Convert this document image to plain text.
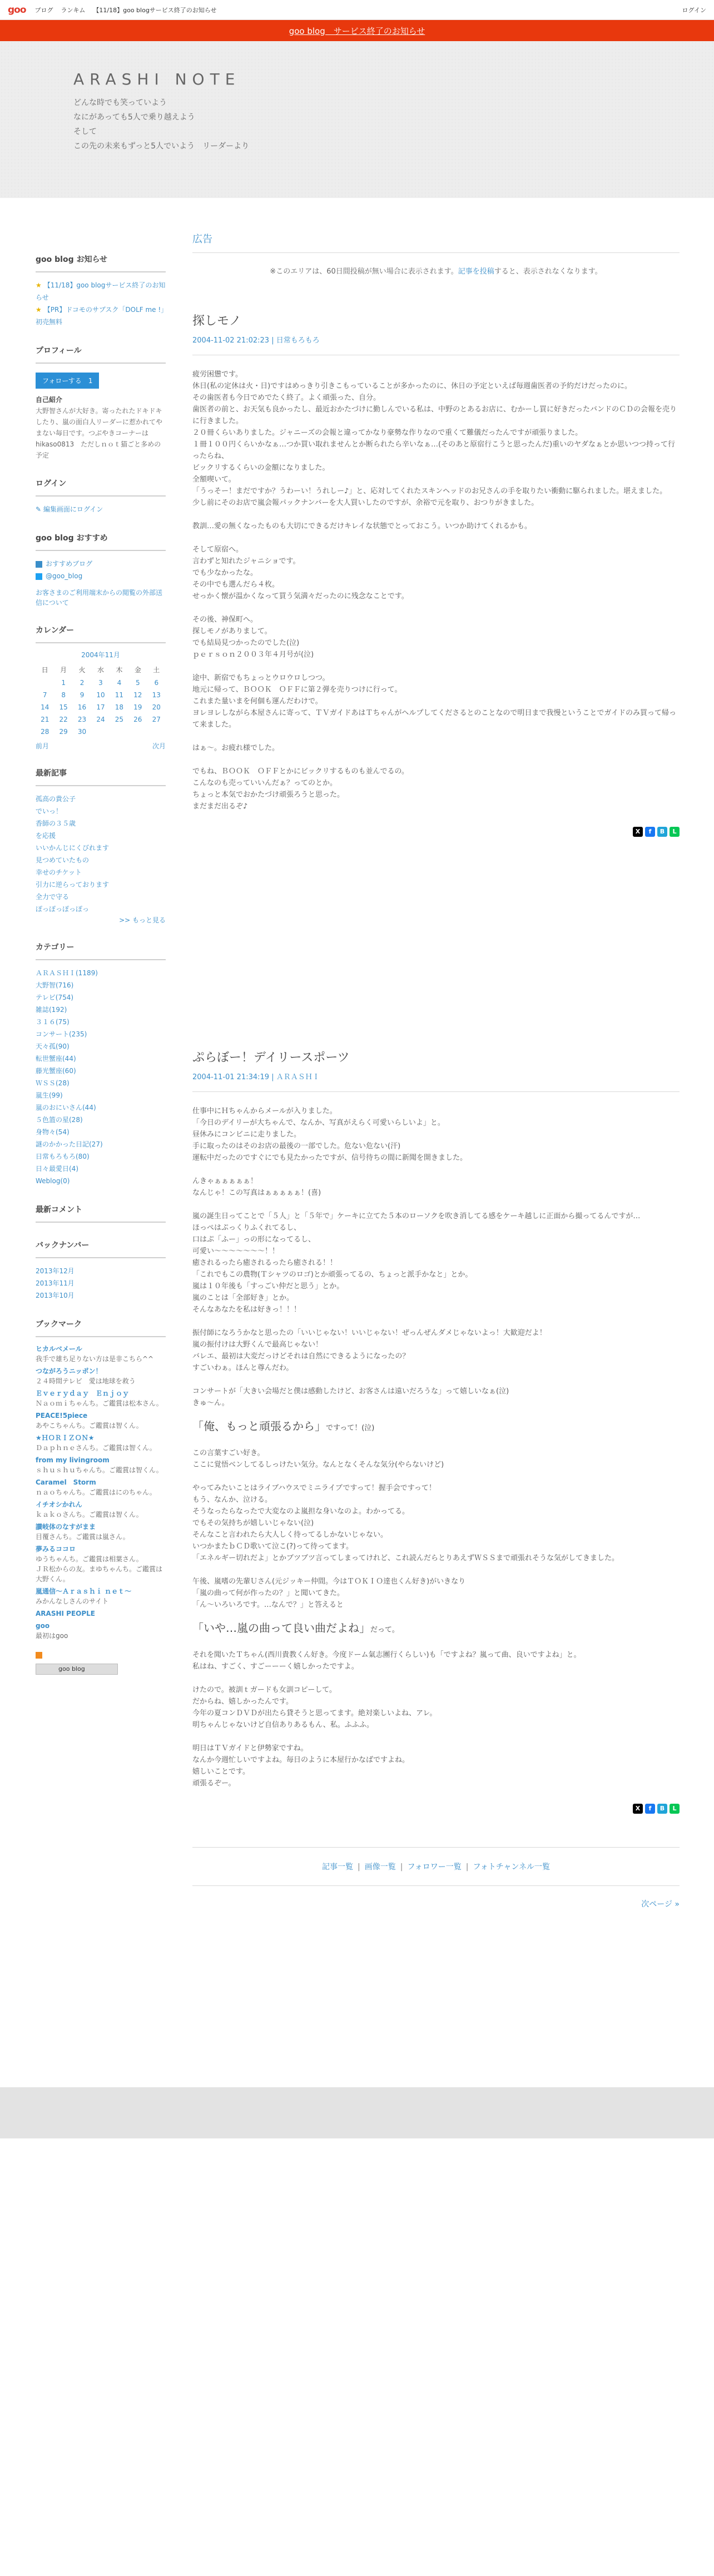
goo ブログ ランキム 【11/18】goo blogサービス終了のお知らせ	ログイン
goo blog　サービス終了のお知らせ
ARASHI NOTE
どんな時でも笑っていよう
なにがあっても5人で乗り越えよう
そして
この先の未来もずっと5人でいよう　リーダーより
goo blog お知らせ
★ 【11/18】goo blogサービス終了のお知らせ
★ 【PR】ドコモのサブスク「DOLF me !」初売無料
プロフィール
フォローする　 1
自己紹介
大野智さんが大好き。寄ったれたドキドキしたり、嵐の面白人リーダーに惹かれてやまない毎日です。つぶやきコーナーは hikaso0813　ただしｎｏｔ猫ごと多めの予定
ログイン
✎ 編集画面にログイン
goo blog おすすめ
おすすめブログ
@goo_blog
お客さまのご利用端末からの閲覧の外部送信について
カレンダー
2004年11月
日	月	火	水	木	金	土
	1	2	3	4	5	6
7	8	9	10	11	12	13
14	15	16	17	18	19	20
21	22	23	24	25	26	27
28	29	30				
前月	次月
最新記事
孤高の貴公子
でいっ！
香師の３５歳
を応援
いいかんじにくびれます
見つめていたもの
幸せのチケット
引力に逆らっております
全力で守る
ぽっぽっぽっぽっ
>> もっと見る
カテゴリー
ＡＲＡＳＨＩ(1189)
大野智(716)
テレビ(754)
雑誌(192)
３１６(75)
コンサート(235)
天々孤(90)
転世蟹座(44)
藤光蟹座(60)
ＷＳＳ(28)
嵐生(99)
嵐のおにいさん(44)
５色篮の星(28)
身物々(54)
謎のかかった日記(27)
日常もろもろ(80)
日々最愛日(4)
Weblog(0)
最新コメント
バックナンバー
2013年12月
2013年11月
2013年10月
ブックマーク
ヒカルベメール
我手で雄ち足りない方は是非こちら^^
つながろうニッポン！
２４時間テレビ　愛は地球を救う
Ｅｖｅｒｙｄａｙ　Ｅｎｊｏｙ
Ｎａｏｍｉちゃんち。ご鑑賞は松本さん。
PEACE!5piece
あやこちゃんち。ご鑑賞は智くん。
★ＨＯＲＩＺＯＮ★
Ｄａｐｈｎｅさんち。ご鑑賞は智くん。
from my livingroom
ｓｈｕｓｈｕちゃんち。ご鑑賞は智くん。
Caramel　Storm
ｎａｏちゃんち。ご鑑賞はにのちゃん。
イチオシかれん
ｋａｋｏさんち。ご鑑賞は智くん。
讃岐体のなすがまま
目覆さんち。ご鑑賞は嵐さん。
夢みるココロ
ゆうちゃんち。ご鑑賞は相葉さん。
ＪＲ松からの友。まゆちゃんち。ご鑑賞は大野くん。
嵐通信〜Ａｒａｓｈｉ ｎｅｔ〜
みかんなしさんのサイト
ARASHI PEOPLE
goo
最初はgoo
goo blog
広告
※このエリアは、60日間投稿が無い場合に表示されます。記事を投稿すると、表示されなくなります。
探しモノ
2004-11-02 21:02:23 | 日常もろもろ

疲労困憊です。
休日(私の定休は火・日)ですはめっきり引きこもっていることが多かったのに、休日の予定といえば毎週歯医者の予約だけだったのに。
その歯医者も今日でめでたく終了。よく頑張った、自分。
歯医者の前と、お天気も良かったし、最近おかたづけに勤しんでいる私は、中野のとあるお店に、むかーし買に好きだったバンドのＣＤの会報を売りに行きました。
２０冊くらいありました。ジャニーズの会報と違ってかなり豪勢な作りなので重くて難儀だったんですが頑張りました。
１冊１００円くらいかなぁ…つか買い取れませんとか断られたら辛いなぁ…(そのあと原宿行こうと思ったんだ)重いのヤダなぁとか思いつつ持って行ったらね、
ビックリするくらいの金額になりました。
全額喫いて。
「うっそー！まだですか？うわーい！うれしー♪」と、応対してくれたスキンヘッドのお兄さんの手を取りたい衝動に駆られました。堪えました。
少し前にそのお店で嵐会報パックナンバーを大人買いしたのですが、余裕で元を取り、おつりがきました。

教訓…愛の無くなったものも大切にできるだけキレイな状態でとっておこう。いつか助けてくれるかも。

そして原宿へ。
言わずと知れたジャニショです。
でも少なかったな。
その中でも選んだら４枚。
せっかく懐が温かくなって買う気満々だったのに残念なことです。

その後、神保町へ。
探しモノがありまして。
でも結局見つかったのでした(泣)
ｐｅｒｓｏｎ２００３年４月号が(泣)

途中、新宿でもちょっとウロウロしつつ。
地元に帰って、ＢＯＯＫ　ＯＦＦに第２弾を売りつけに行って。
これまた量いまを何個も運んだわけで。
ヨレヨレしながら本屋さんに寄って、ＴＶガイドあはＴちゃんがヘルプしてくださるとのことなので明日まで我慢ということでガイドのみ買って帰って来ました。

はぁ〜。お疲れ様でした。

でもね、ＢＯＯＫ　ＯＦＦとかにビックリするものも並んでるの。
こんなのも売っていいんだぁ？ってのとか。
ちょっと本気でおかたづけ頑張ろうと思った。
まだまだ出るぞ♪

X	f	B	L
ぷらぼー！デイリースポーツ
2004-11-01 21:34:19 | ＡＲＡＳＨＩ

仕事中にＨちゃんからメールが入りました。
「今日のデイリーが大ちゃんで、なんか、写真がえらく可愛いらしいよ」と。
昼休みにコンビニに走りました。
手に取ったのはそのお店の最後の一部でした。危ない危ない(汗)
運転中だったのですぐにでも見たかったですが、信号待ちの間に新聞を開きました。

んきゃぁぁぁぁぁ！
なんじゃ！この写真はぁぁぁぁぁ！(喜)

嵐の誕生日ってことで「５人」と「５年で」ケーキに立てた５本のローソクを吹き消してる感をケーキ越しに正面から撮ってるんですが…
ほっぺはぷっくりふくれてるし、
口はぷ「ふー」っの形になってるし、
可愛い〜〜〜〜〜〜〜！！
癒されるったら癒されるったら癒される！！
「これでもこの農物(Ｔシャツのロゴ)とか頑張ってるの、ちょっと派手かなと」とか。
嵐は１０年後も「すっごい仲だと思う」とか。
嵐のことは「全部好き」とか。
そんなあなたを私は好きっ！！！

振付師になろうかなと思ったの「いいじゃない！いいじゃない！ぜっんぜんダメじゃないよっ！大歓迎だよ！
嵐の振付けは大野くんで最高じゃない！
バレエ、最初は大変だっけどそれは自然にできるようになったの？
すごいわぁ。ほんと尊んだわ。

コンサートが「大きい会場だと僕は感動したけど、お客さんは遠いだろうな」って嬉しいなぁ(泣)
きゅ〜ん。

「俺、もっと頑張るから」ですって！(泣)

この言葉すごい好き。
ここに覚悟ベンしてるしっけたい気分。なんとなくそんな気分(やらないけど)

やってみたいことはライブハウスでミニライブですって！握手会ですって！
もう、なんか、泣ける。
そうなったらなったで大変なのよ嵐担な身いなのよ。わかってる。
でもその気持ちが嬉しいじゃない(泣)
そんなこと言われたら大人しく待ってるしかないじゃない。
いつかまたｂＣＤ歌いて泣こ(?)って待ってます。
「エネルギー切れだよ」とかブツブツ言ってしまってけれど、これ読んだらとりあえずＷＳＳまで頑張れそうな気がしてきました。

午後、嵐嗜の先輩Ｕさん(元ジッキー仲間。今はＴＯＫＩＯ達也くん好き)がいきなり
「嵐の曲って何が作ったの？」と聞いてきた。
「ん〜いろいろです。…なんで？」と答えると

「いや…嵐の曲って良い曲だよね」だって。

それを聞いたＴちゃん(西川貴教くん好き。今度ドーム氣志團行くらしい)も「ですよね？嵐って曲、良いですよね」と。
私はね、すごく、すごーーーく嬉しかったですよ。

けたので。被訓ｔガードも女訓コピーして。
だからね、嬉しかったんです。
今年の夏コンＤＶＤが出たら貸そうと思ってます。絶対楽しいよね、アレ。
明ちゃんじゃないけど自信ありあるもん、私。ふふふ。

明日はＴＶガイドと伊勢家ですね。
なんか今週忙しいですよね。毎日のように本屋行かなばですよね。
嬉しいことです。
頑張るぞー。

X	f	B	L
記事一覧 | 画像一覧 | フォロワー一覧 | フォトチャンネル一覧
次ページ »
